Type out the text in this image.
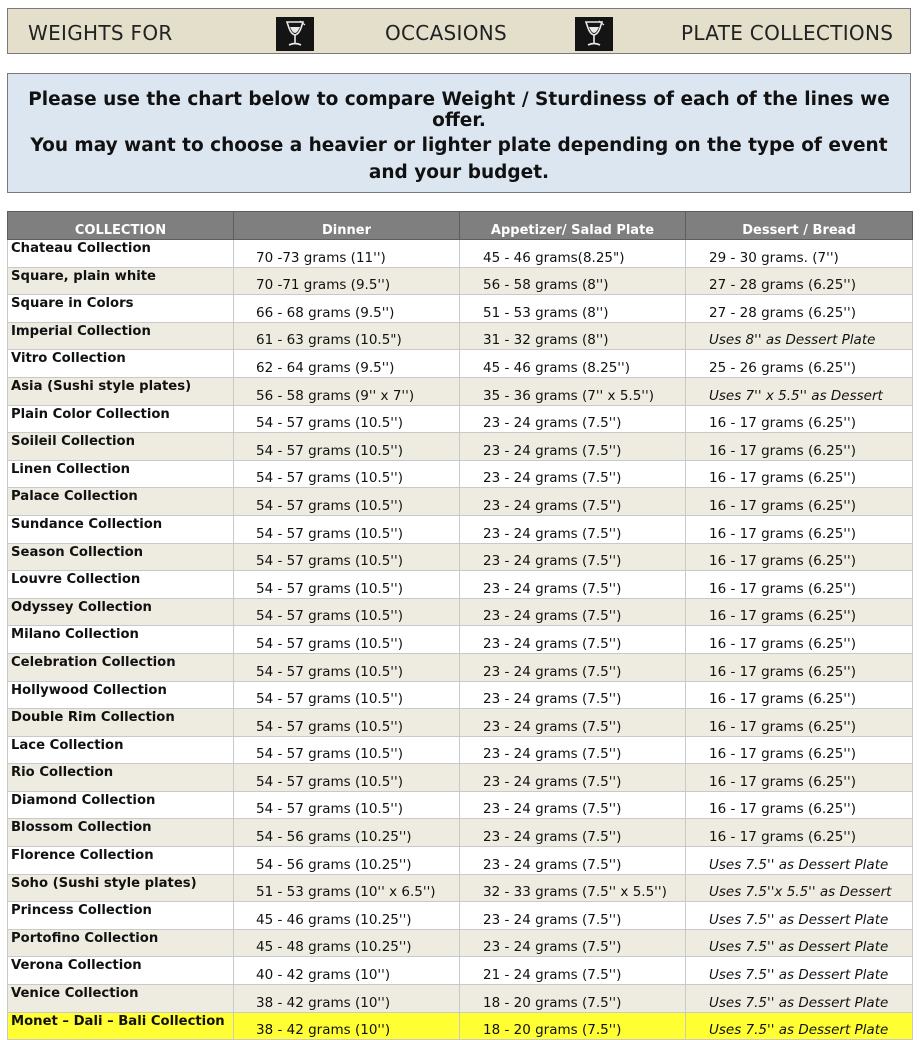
WEIGHTS FOR	OCCASIONS	PLATE COLLECTIONS

Please use the chart below to compare Weight / Sturdiness of each of the lines we offer.

You may want to choose a heavier or lighter plate depending on the type of event and your budget.

COLLECTION	Dinner	Appetizer/ Salad Plate	Dessert / Bread
Chateau Collection	70 -73 grams (11'')	45 - 46 grams(8.25")	29 - 30 grams. (7'')
Square, plain white	70 -71 grams (9.5'')	56 - 58 grams (8'')	27 - 28 grams (6.25'')
Square in Colors	66 - 68 grams (9.5'')	51 - 53 grams (8'')	27 - 28 grams (6.25'')
Imperial Collection	61 - 63 grams (10.5")	31 - 32 grams (8'')	Uses 8'' as Dessert Plate
Vitro Collection	62 - 64 grams (9.5'')	45 - 46 grams (8.25'')	25 - 26 grams (6.25'')
Asia (Sushi style plates)	56 - 58 grams (9'' x 7'')	35 - 36 grams (7'' x 5.5'')	Uses 7'' x 5.5'' as Dessert
Plain Color Collection	54 - 57 grams (10.5'')	23 - 24 grams (7.5'')	16 - 17 grams (6.25'')
Soileil Collection	54 - 57 grams (10.5'')	23 - 24 grams (7.5'')	16 - 17 grams (6.25'')
Linen Collection	54 - 57 grams (10.5'')	23 - 24 grams (7.5'')	16 - 17 grams (6.25'')
Palace Collection	54 - 57 grams (10.5'')	23 - 24 grams (7.5'')	16 - 17 grams (6.25'')
Sundance Collection	54 - 57 grams (10.5'')	23 - 24 grams (7.5'')	16 - 17 grams (6.25'')
Season Collection	54 - 57 grams (10.5'')	23 - 24 grams (7.5'')	16 - 17 grams (6.25'')
Louvre Collection	54 - 57 grams (10.5'')	23 - 24 grams (7.5'')	16 - 17 grams (6.25'')
Odyssey Collection	54 - 57 grams (10.5'')	23 - 24 grams (7.5'')	16 - 17 grams (6.25'')
Milano Collection	54 - 57 grams (10.5'')	23 - 24 grams (7.5'')	16 - 17 grams (6.25'')
Celebration Collection	54 - 57 grams (10.5'')	23 - 24 grams (7.5'')	16 - 17 grams (6.25'')
Hollywood Collection	54 - 57 grams (10.5'')	23 - 24 grams (7.5'')	16 - 17 grams (6.25'')
Double Rim Collection	54 - 57 grams (10.5'')	23 - 24 grams (7.5'')	16 - 17 grams (6.25'')
Lace Collection	54 - 57 grams (10.5'')	23 - 24 grams (7.5'')	16 - 17 grams (6.25'')
Rio Collection	54 - 57 grams (10.5'')	23 - 24 grams (7.5'')	16 - 17 grams (6.25'')
Diamond Collection	54 - 57 grams (10.5'')	23 - 24 grams (7.5'')	16 - 17 grams (6.25'')
Blossom Collection	54 - 56 grams (10.25'')	23 - 24 grams (7.5'')	16 - 17 grams (6.25'')
Florence Collection	54 - 56 grams (10.25'')	23 - 24 grams (7.5'')	Uses 7.5'' as Dessert Plate
Soho (Sushi style plates)	51 - 53 grams (10'' x 6.5'')	32 - 33 grams (7.5'' x 5.5'')	Uses 7.5''x 5.5'' as Dessert
Princess Collection	45 - 46 grams (10.25'')	23 - 24 grams (7.5'')	Uses 7.5'' as Dessert Plate
Portofino Collection	45 - 48 grams (10.25'')	23 - 24 grams (7.5'')	Uses 7.5'' as Dessert Plate
Verona Collection	40 - 42 grams (10'')	21 - 24 grams (7.5'')	Uses 7.5'' as Dessert Plate
Venice Collection	38 - 42 grams (10'')	18 - 20 grams (7.5'')	Uses 7.5'' as Dessert Plate
Monet – Dali – Bali Collection	38 - 42 grams (10'')	18 - 20 grams (7.5'')	Uses 7.5'' as Dessert Plate
